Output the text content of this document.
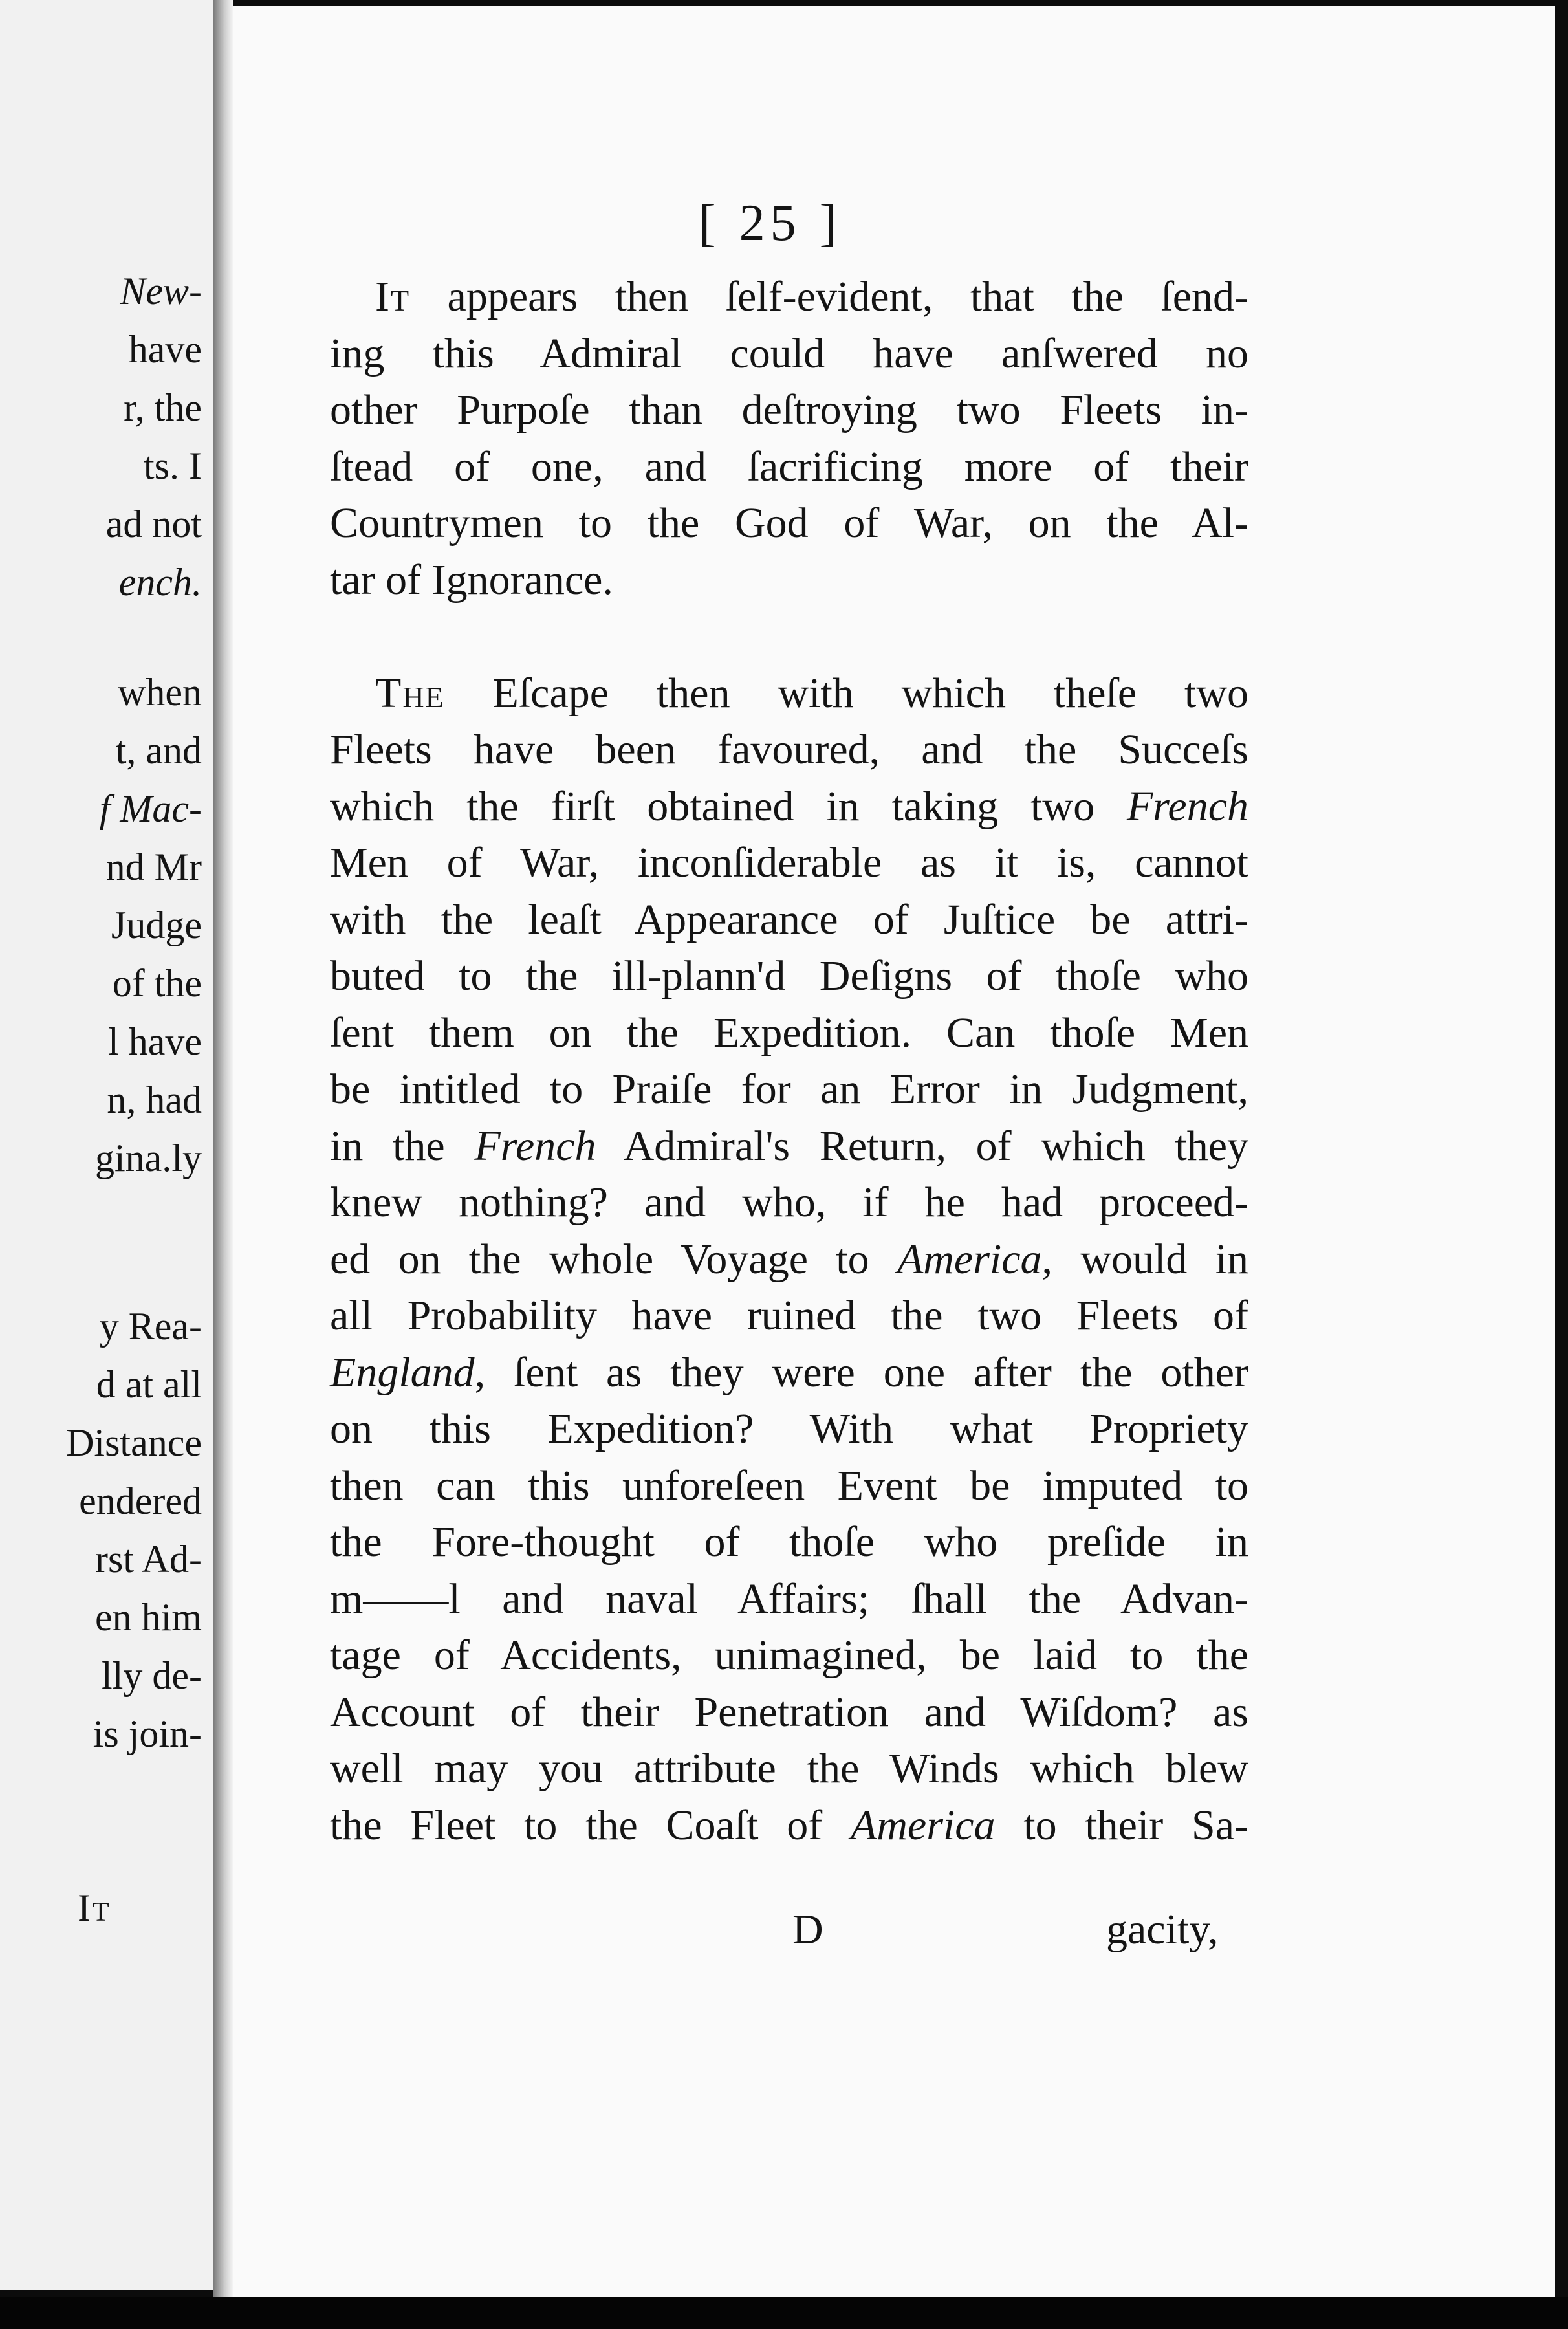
New-
have
r, the
ts. I
ad not
ench.
when
t, and
f Mac-
nd Mr
Judge
of the
l have
n, had
gina.ly
y Rea-
d at all
Distance
endered
rst Ad-
en him
lly de-
is join-
It
[ 25 ]
It appears then ſelf-evident, that the ſend-
ing this Admiral could have anſwered no
other Purpoſe than deſtroying two Fleets in-
ſtead of one, and ſacrificing more of their
Countrymen to the God of War, on the Al-
tar of Ignorance.
The Eſcape then with which theſe two
Fleets have been favoured, and the Succeſs
which the firſt obtained in taking two French
Men of War, inconſiderable as it is, cannot
with the leaſt Appearance of Juſtice be attri-
buted to the ill-plann'd Deſigns of thoſe who
ſent them on the Expedition. Can thoſe Men
be intitled to Praiſe for an Error in Judgment,
in the French Admiral's Return, of which they
knew nothing? and who, if he had proceed-
ed on the whole Voyage to America, would in
all Probability have ruined the two Fleets of
England, ſent as they were one after the other
on this Expedition? With what Propriety
then can this unforeſeen Event be imputed to
the Fore-thought of thoſe who preſide in
m——l and naval Affairs; ſhall the Advan-
tage of Accidents, unimagined, be laid to the
Account of their Penetration and Wiſdom? as
well may you attribute the Winds which blew
the Fleet to the Coaſt of America to their Sa-
D	gacity,
